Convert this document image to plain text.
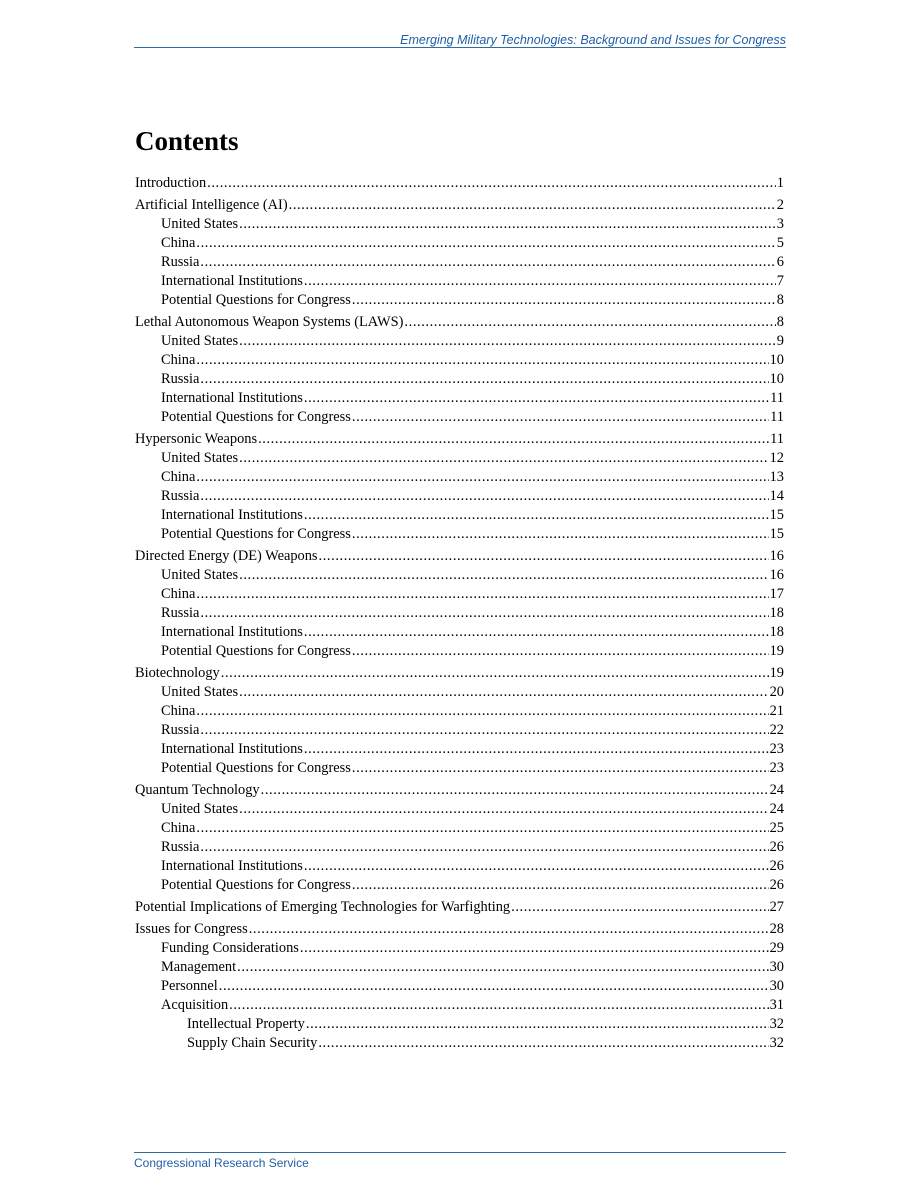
Emerging Military Technologies: Background and Issues for Congress
Contents
Introduction .....	1
Artificial Intelligence (AI) .....	2
United States .....	3
China .....	5
Russia .....	6
International Institutions .....	7
Potential Questions for Congress .....	8
Lethal Autonomous Weapon Systems (LAWS) .....	8
United States .....	9
China .....	10
Russia .....	10
International Institutions .....	11
Potential Questions for Congress .....	11
Hypersonic Weapons .....	11
United States .....	12
China .....	13
Russia .....	14
International Institutions .....	15
Potential Questions for Congress .....	15
Directed Energy (DE) Weapons .....	16
United States .....	16
China .....	17
Russia .....	18
International Institutions .....	18
Potential Questions for Congress .....	19
Biotechnology .....	19
United States .....	20
China .....	21
Russia .....	22
International Institutions .....	23
Potential Questions for Congress .....	23
Quantum Technology .....	24
United States .....	24
China .....	25
Russia .....	26
International Institutions .....	26
Potential Questions for Congress .....	26
Potential Implications of Emerging Technologies for Warfighting .....	27
Issues for Congress .....	28
Funding Considerations .....	29
Management .....	30
Personnel .....	30
Acquisition .....	31
Intellectual Property .....	32
Supply Chain Security .....	32
Congressional Research Service
